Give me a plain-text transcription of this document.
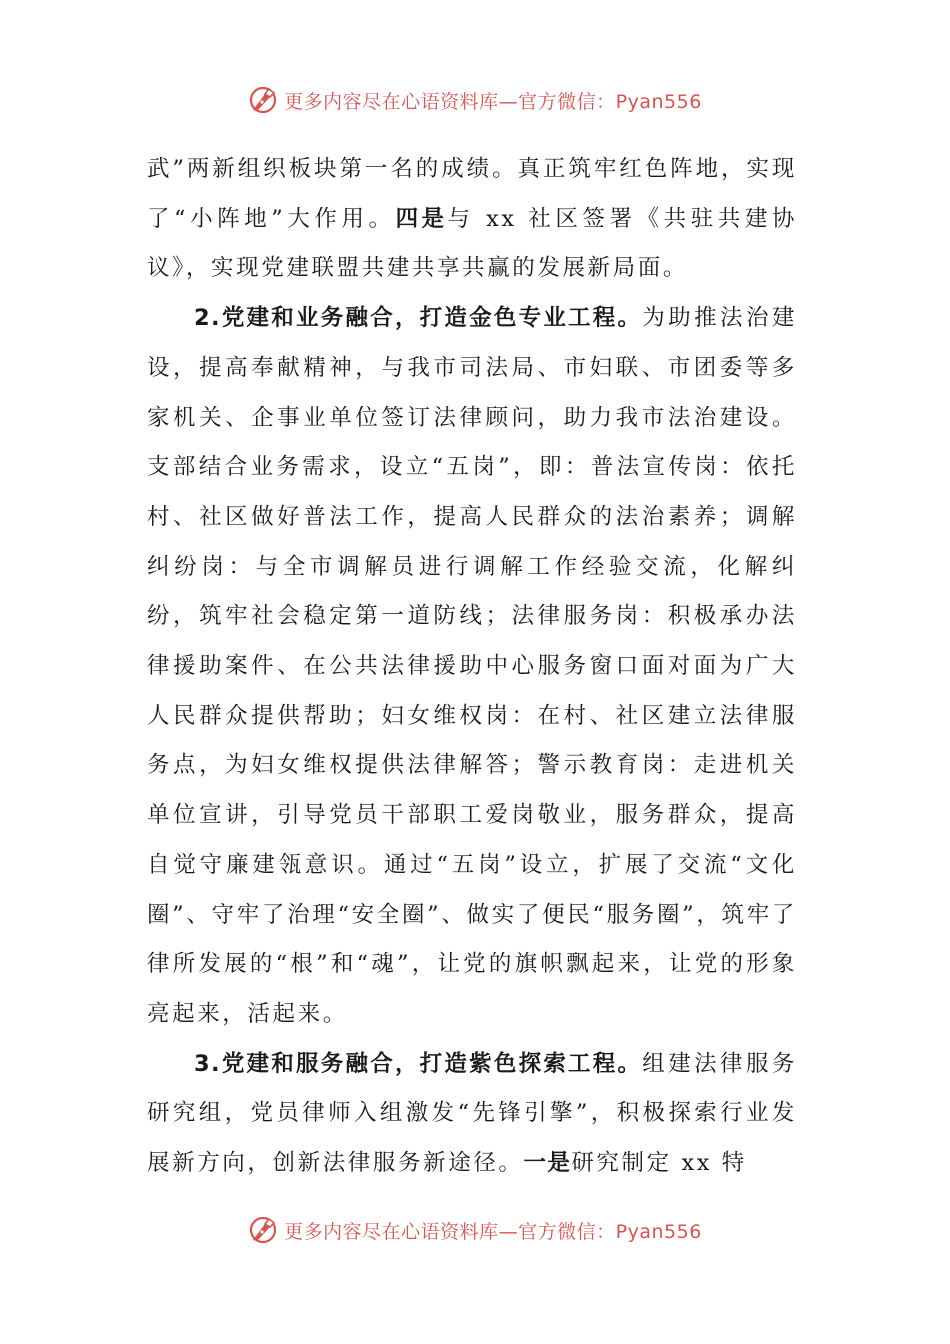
更多内容尽在心语资料库—官方微信：Pyan556

武”两新组织板块第一名的成绩。真正筑牢红色阵地，实现了“小阵地”大作用。四是与 xx 社区签署《共驻共建协议》，实现党建联盟共建共享共赢的发展新局面。

2.党建和业务融合，打造金色专业工程。为助推法治建设，提高奉献精神，与我市司法局、市妇联、市团委等多家机关、企事业单位签订法律顾问，助力我市法治建设。支部结合业务需求，设立“五岗”，即：普法宣传岗：依托村、社区做好普法工作，提高人民群众的法治素养；调解纠纷岗：与全市调解员进行调解工作经验交流，化解纠纷，筑牢社会稳定第一道防线；法律服务岗：积极承办法律援助案件、在公共法律援助中心服务窗口面对面为广大人民群众提供帮助；妇女维权岗：在村、社区建立法律服务点，为妇女维权提供法律解答；警示教育岗：走进机关单位宣讲，引导党员干部职工爱岗敬业，服务群众，提高自觉守廉建瓴意识。通过“五岗”设立，扩展了交流“文化圈”、守牢了治理“安全圈”、做实了便民“服务圈”，筑牢了律所发展的“根”和“魂”，让党的旗帜飘起来，让党的形象亮起来，活起来。

3.党建和服务融合，打造紫色探索工程。组建法律服务研究组，党员律师入组激发“先锋引擎”，积极探索行业发展新方向，创新法律服务新途径。一是研究制定 xx 特

更多内容尽在心语资料库—官方微信：Pyan556
